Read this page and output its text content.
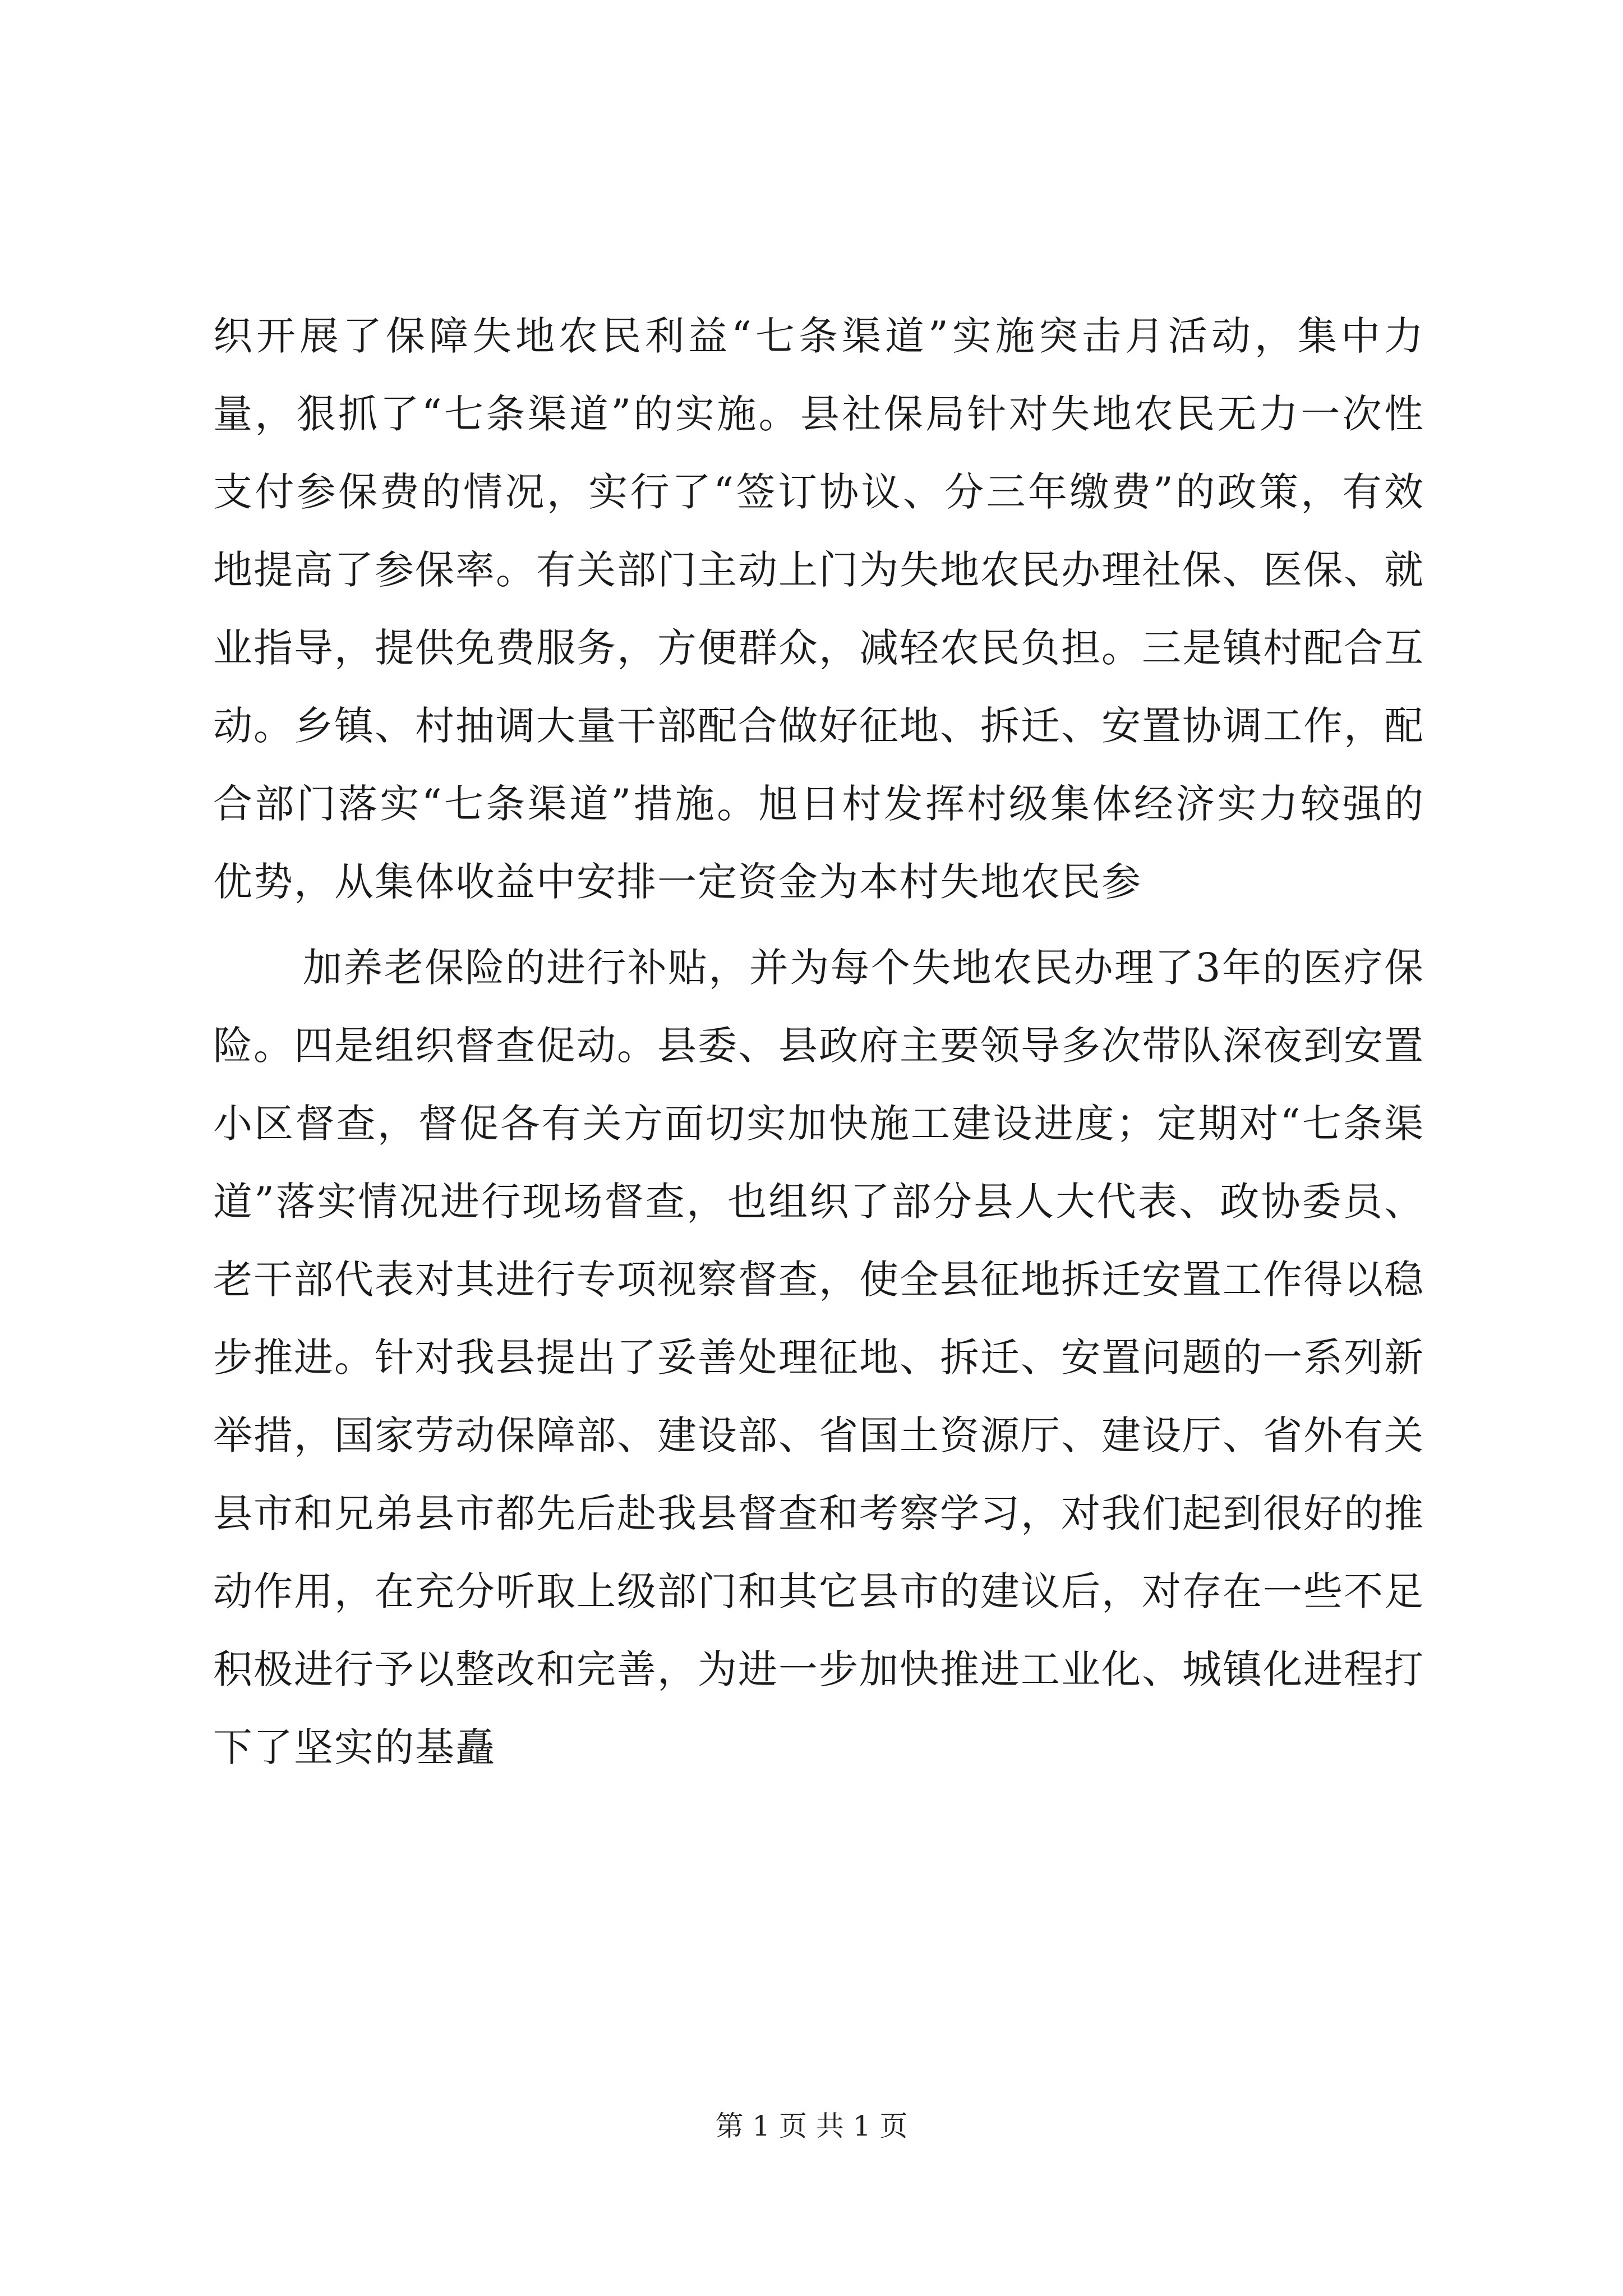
织开展了保障失地农民利益“七条渠道”实施突击月活动，集中力量，狠抓了“七条渠道”的实施。县社保局针对失地农民无力一次性支付参保费的情况，实行了“签订协议、分三年缴费”的政策，有效地提高了参保率。有关部门主动上门为失地农民办理社保、医保、就业指导，提供免费服务，方便群众，减轻农民负担。三是镇村配合互动。乡镇、村抽调大量干部配合做好征地、拆迁、安置协调工作，配合部门落实“七条渠道”措施。旭日村发挥村级集体经济实力较强的优势，从集体收益中安排一定资金为本村失地农民参

加养老保险的进行补贴，并为每个失地农民办理了3年的医疗保险。四是组织督查促动。县委、县政府主要领导多次带队深夜到安置小区督查，督促各有关方面切实加快施工建设进度；定期对“七条渠道”落实情况进行现场督查，也组织了部分县人大代表、政协委员、老干部代表对其进行专项视察督查，使全县征地拆迁安置工作得以稳步推进。针对我县提出了妥善处理征地、拆迁、安置问题的一系列新举措，国家劳动保障部、建设部、省国土资源厅、建设厅、省外有关县市和兄弟县市都先后赴我县督查和考察学习，对我们起到很好的推动作用，在充分听取上级部门和其它县市的建议后，对存在一些不足积极进行予以整改和完善，为进一步加快推进工业化、城镇化进程打下了坚实的基矗

第 1 页 共 1 页
